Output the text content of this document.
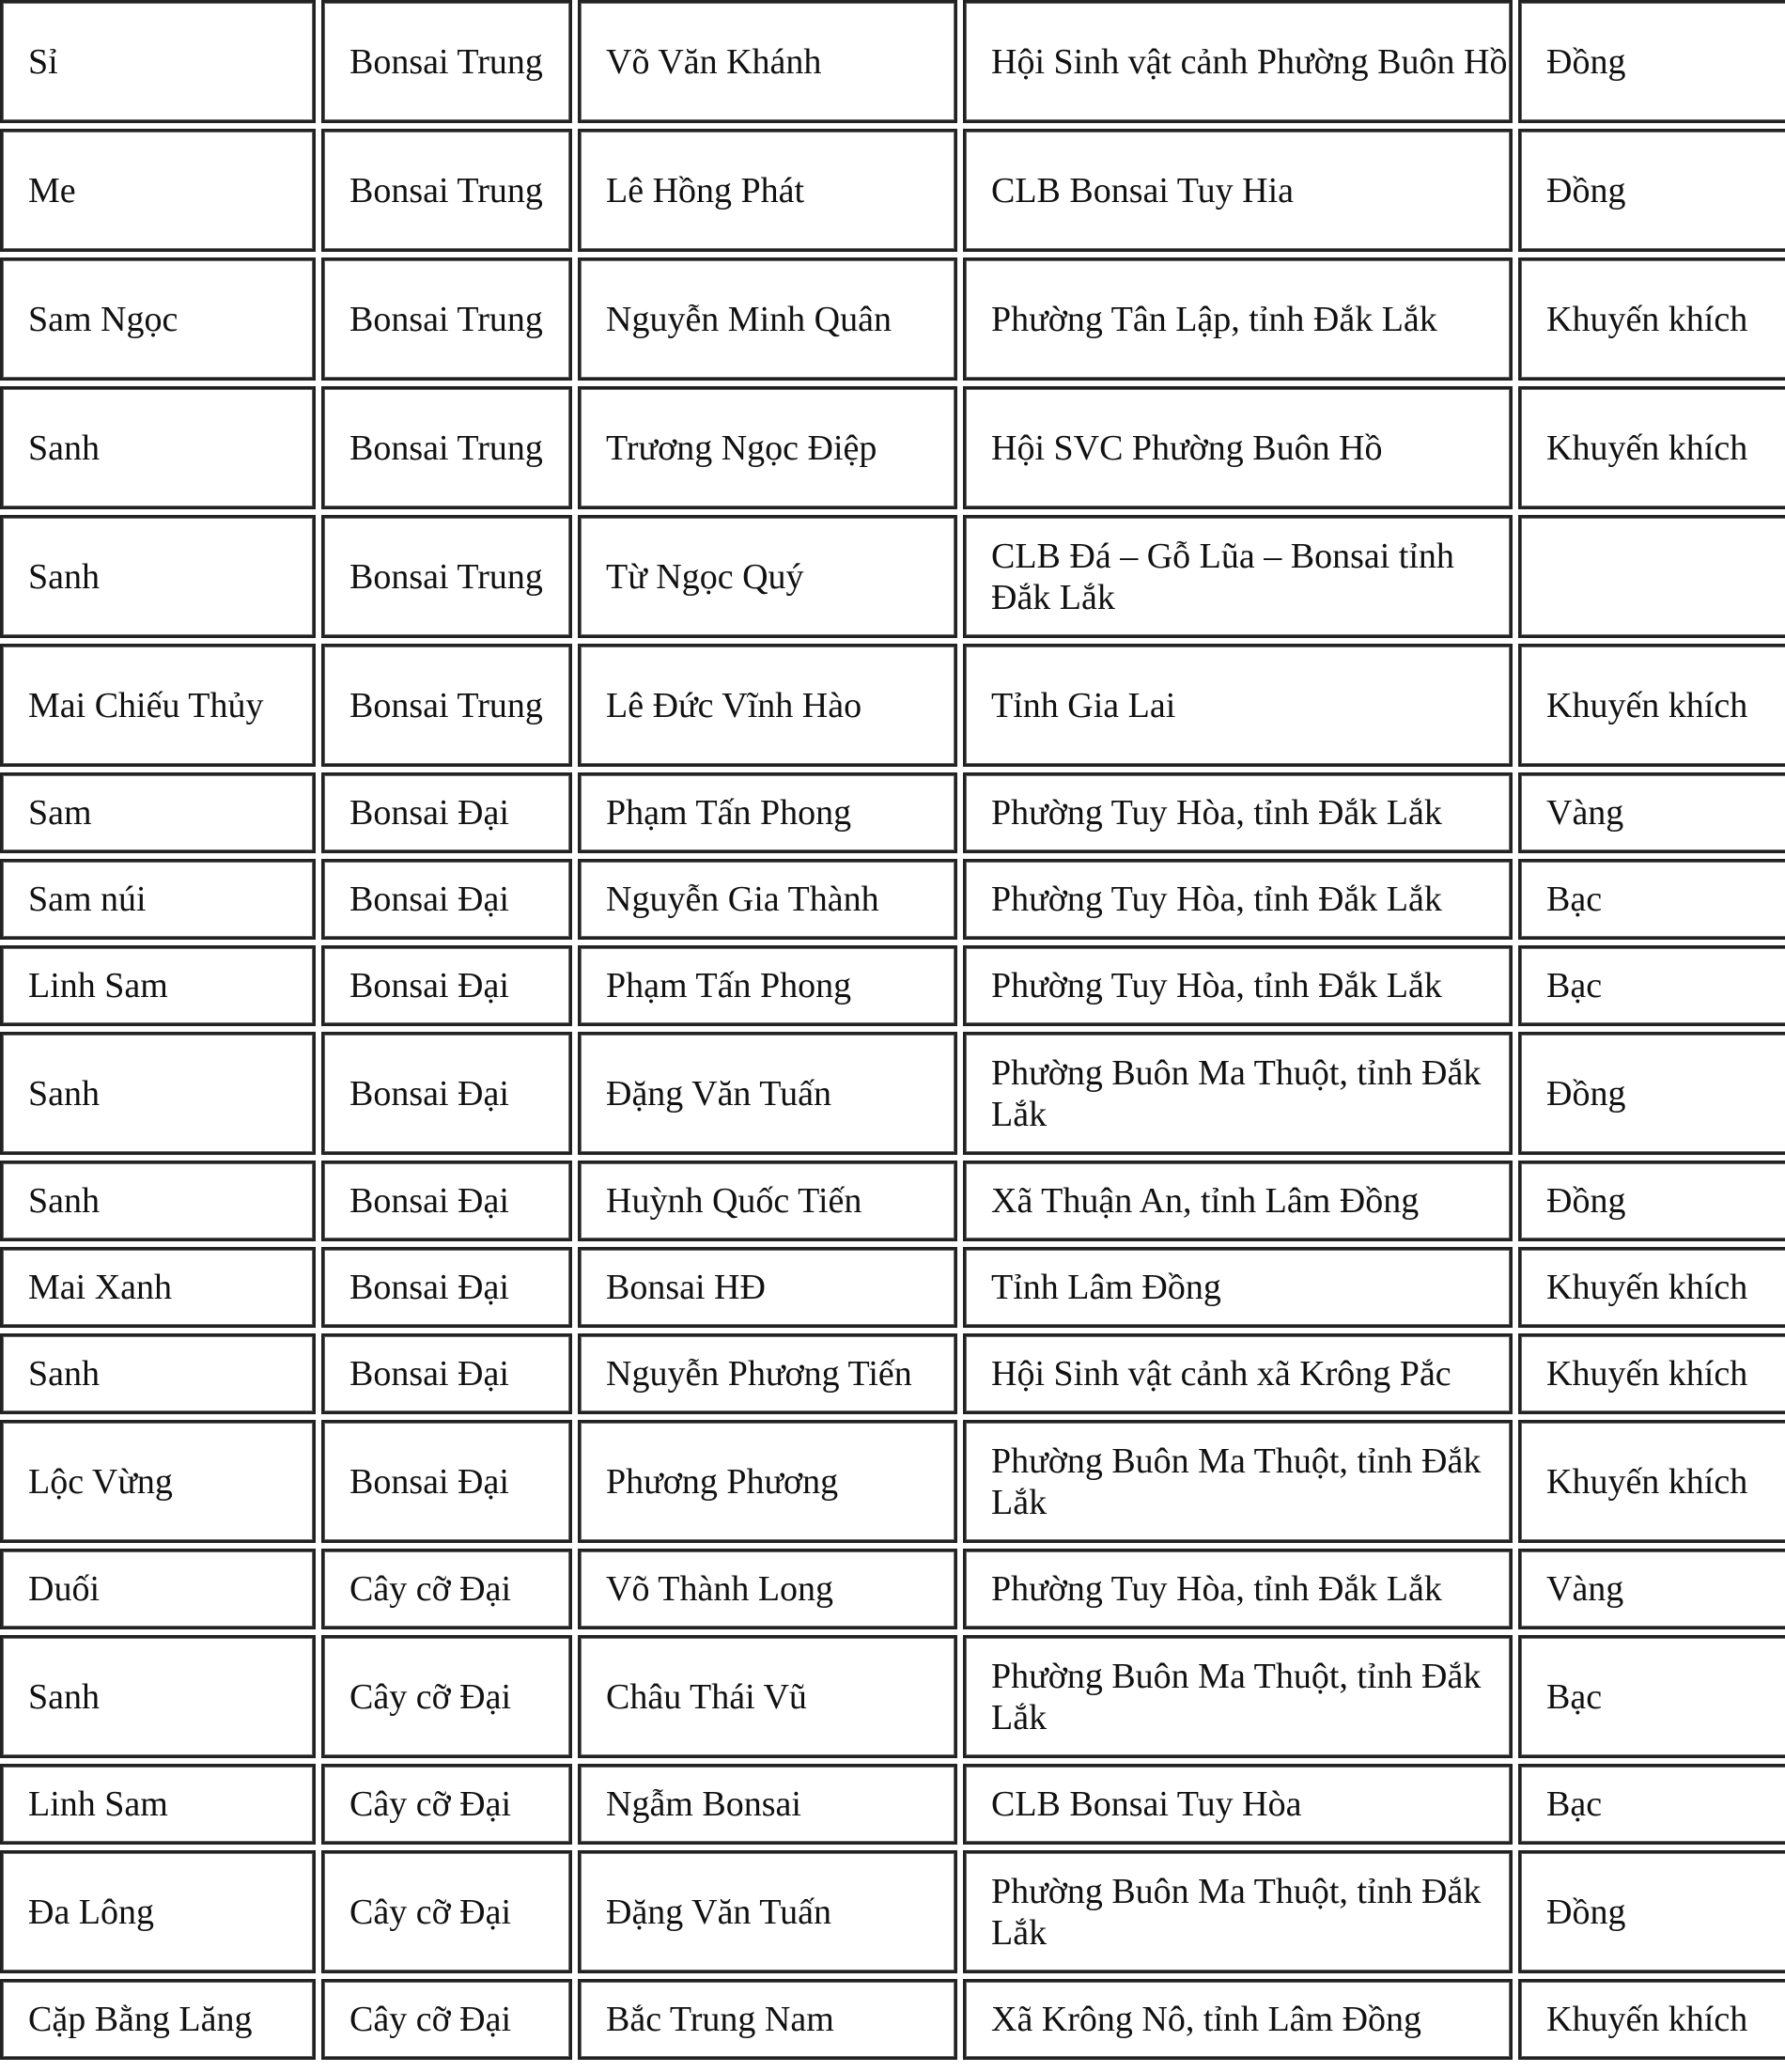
Sỉ	Bonsai Trung	Võ Văn Khánh	Hội Sinh vật cảnh Phường Buôn Hồ	Đồng
Me	Bonsai Trung	Lê Hồng Phát	CLB Bonsai Tuy Hia	Đồng
Sam Ngọc	Bonsai Trung	Nguyễn Minh Quân	Phường Tân Lập, tỉnh Đắk Lắk	Khuyến khích
Sanh	Bonsai Trung	Trương Ngọc Điệp	Hội SVC Phường Buôn Hồ	Khuyến khích
Sanh	Bonsai Trung	Từ Ngọc Quý	CLB Đá – Gỗ Lũa – Bonsai tỉnh Đắk Lắk	
Mai Chiếu Thủy	Bonsai Trung	Lê Đức Vĩnh Hào	Tỉnh Gia Lai	Khuyến khích
Sam	Bonsai Đại	Phạm Tấn Phong	Phường Tuy Hòa, tỉnh Đắk Lắk	Vàng
Sam núi	Bonsai Đại	Nguyễn Gia Thành	Phường Tuy Hòa, tỉnh Đắk Lắk	Bạc
Linh Sam	Bonsai Đại	Phạm Tấn Phong	Phường Tuy Hòa, tỉnh Đắk Lắk	Bạc
Sanh	Bonsai Đại	Đặng Văn Tuấn	Phường Buôn Ma Thuột, tỉnh Đắk Lắk	Đồng
Sanh	Bonsai Đại	Huỳnh Quốc Tiến	Xã Thuận An, tỉnh Lâm Đồng	Đồng
Mai Xanh	Bonsai Đại	Bonsai HĐ	Tỉnh Lâm Đồng	Khuyến khích
Sanh	Bonsai Đại	Nguyễn Phương Tiến	Hội Sinh vật cảnh xã Krông Pắc	Khuyến khích
Lộc Vừng	Bonsai Đại	Phương Phương	Phường Buôn Ma Thuột, tỉnh Đắk Lắk	Khuyến khích
Duối	Cây cỡ Đại	Võ Thành Long	Phường Tuy Hòa, tỉnh Đắk Lắk	Vàng
Sanh	Cây cỡ Đại	Châu Thái Vũ	Phường Buôn Ma Thuột, tỉnh Đắk Lắk	Bạc
Linh Sam	Cây cỡ Đại	Ngẫm Bonsai	CLB Bonsai Tuy Hòa	Bạc
Đa Lông	Cây cỡ Đại	Đặng Văn Tuấn	Phường Buôn Ma Thuột, tỉnh Đắk Lắk	Đồng
Cặp Bằng Lăng	Cây cỡ Đại	Bắc Trung Nam	Xã Krông Nô, tỉnh Lâm Đồng	Khuyến khích
